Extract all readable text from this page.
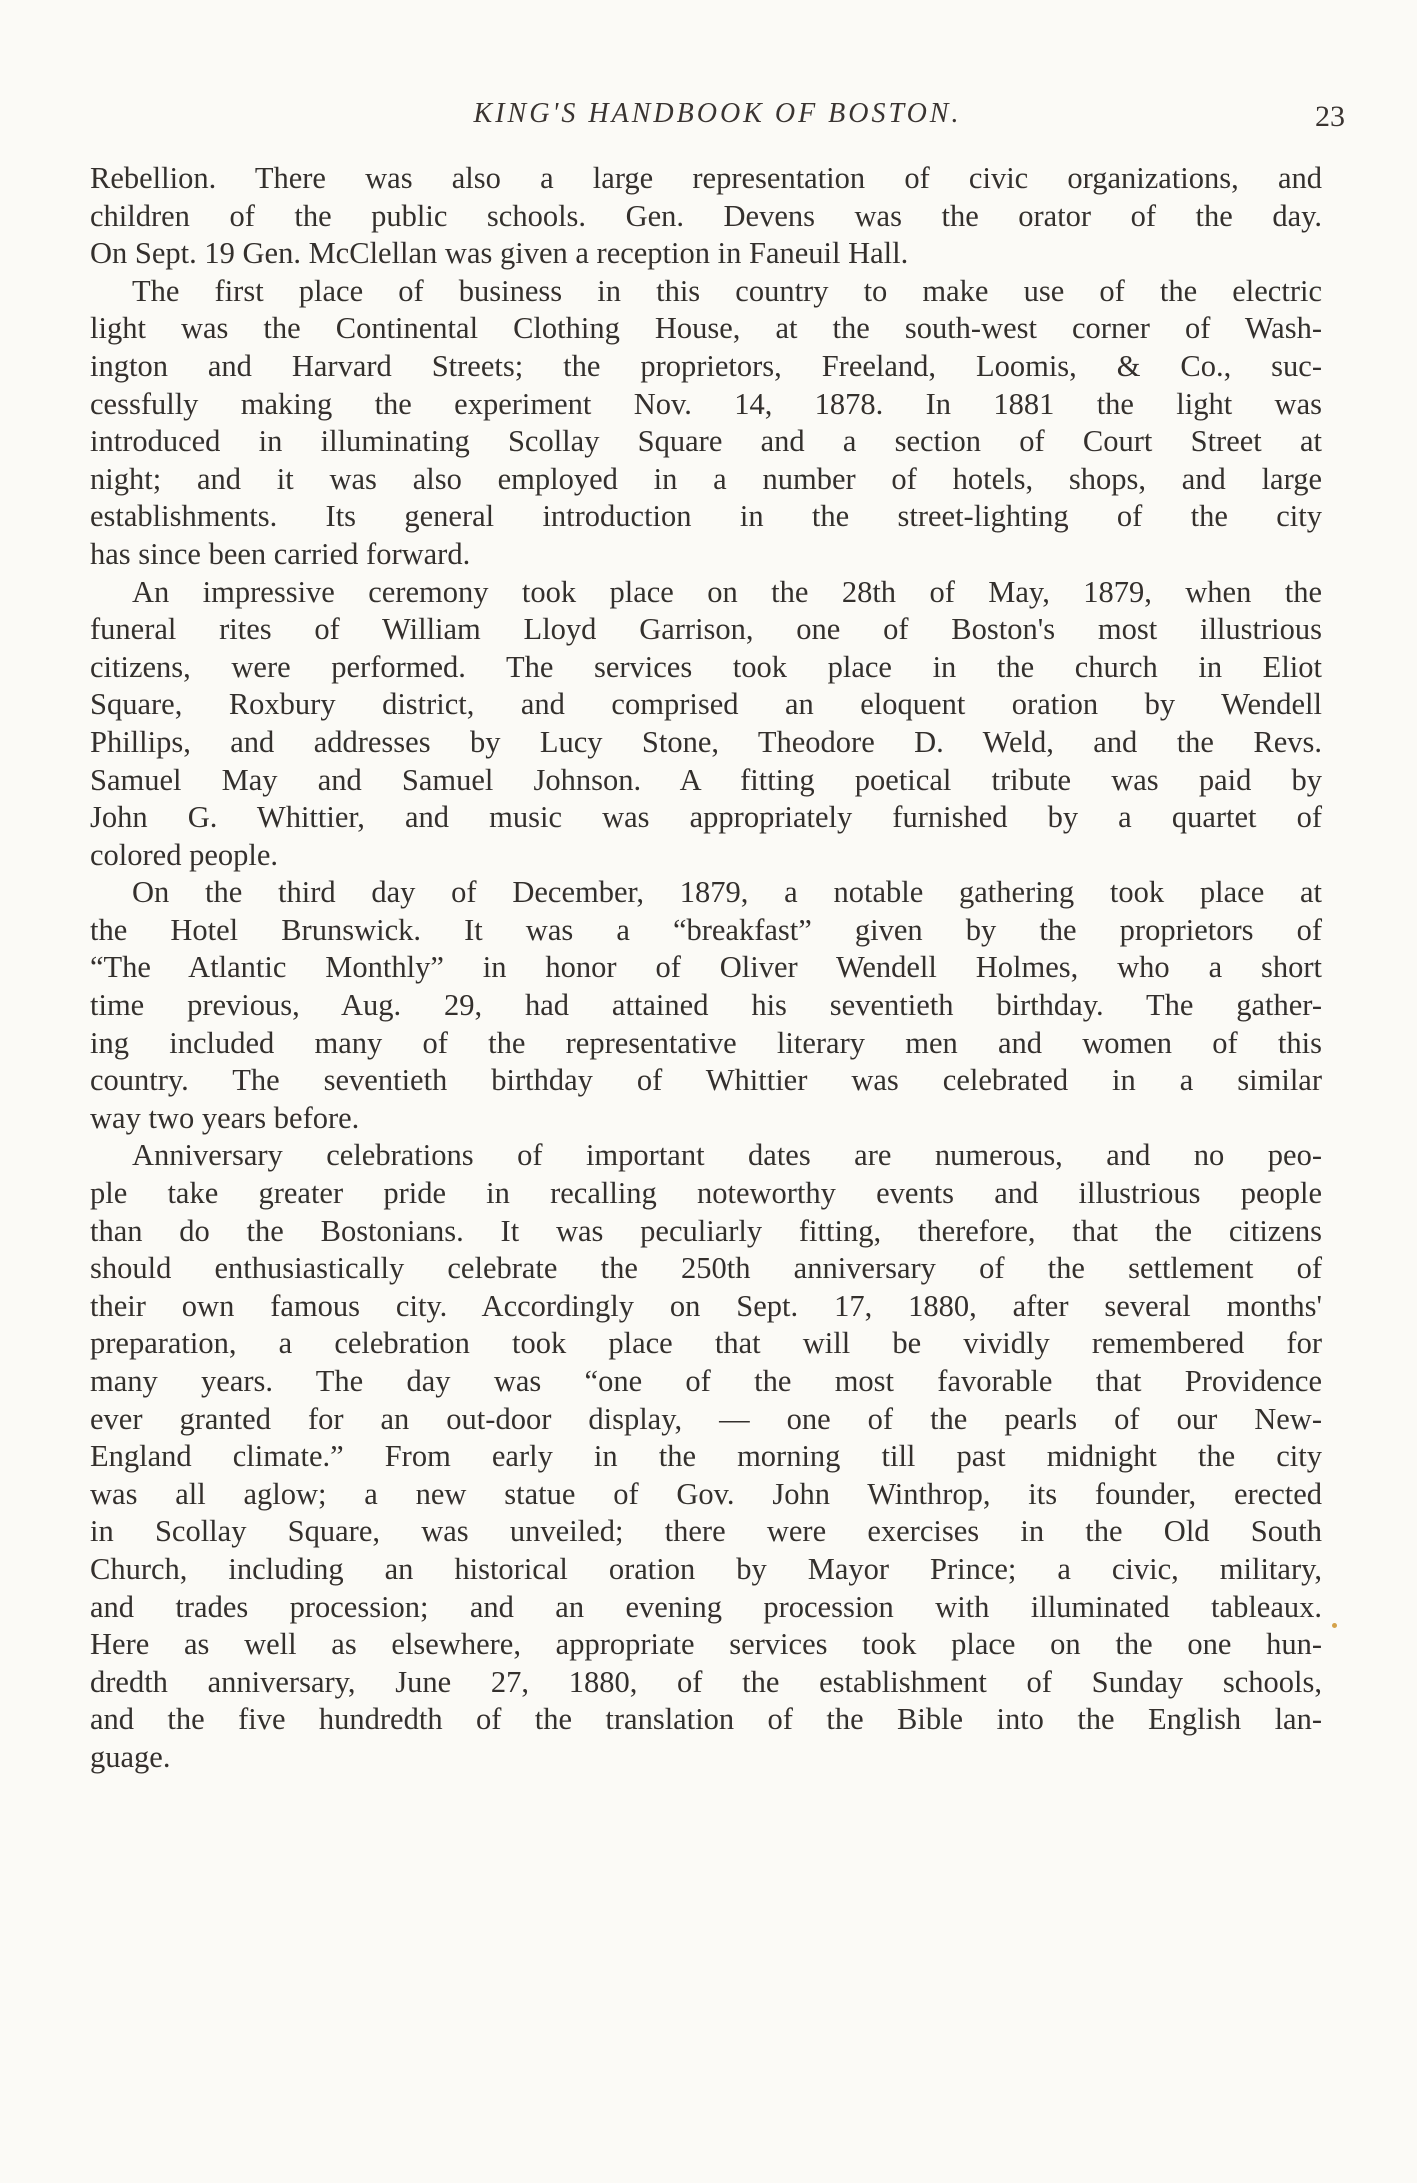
KING'S HANDBOOK OF BOSTON.	23
Rebellion. There was also a large representation of civic organizations, and
children of the public schools. Gen. Devens was the orator of the day.
On Sept. 19 Gen. McClellan was given a reception in Faneuil Hall.
The first place of business in this country to make use of the electric
light was the Continental Clothing House, at the south-west corner of Wash-
ington and Harvard Streets; the proprietors, Freeland, Loomis, & Co., suc-
cessfully making the experiment Nov. 14, 1878. In 1881 the light was
introduced in illuminating Scollay Square and a section of Court Street at
night; and it was also employed in a number of hotels, shops, and large
establishments. Its general introduction in the street-lighting of the city
has since been carried forward.
An impressive ceremony took place on the 28th of May, 1879, when the
funeral rites of William Lloyd Garrison, one of Boston's most illustrious
citizens, were performed. The services took place in the church in Eliot
Square, Roxbury district, and comprised an eloquent oration by Wendell
Phillips, and addresses by Lucy Stone, Theodore D. Weld, and the Revs.
Samuel May and Samuel Johnson. A fitting poetical tribute was paid by
John G. Whittier, and music was appropriately furnished by a quartet of
colored people.
On the third day of December, 1879, a notable gathering took place at
the Hotel Brunswick. It was a “breakfast” given by the proprietors of
“The Atlantic Monthly” in honor of Oliver Wendell Holmes, who a short
time previous, Aug. 29, had attained his seventieth birthday. The gather-
ing included many of the representative literary men and women of this
country. The seventieth birthday of Whittier was celebrated in a similar
way two years before.
Anniversary celebrations of important dates are numerous, and no peo-
ple take greater pride in recalling noteworthy events and illustrious people
than do the Bostonians. It was peculiarly fitting, therefore, that the citizens
should enthusiastically celebrate the 250th anniversary of the settlement of
their own famous city. Accordingly on Sept. 17, 1880, after several months'
preparation, a celebration took place that will be vividly remembered for
many years. The day was “one of the most favorable that Providence
ever granted for an out-door display, — one of the pearls of our New-
England climate.” From early in the morning till past midnight the city
was all aglow; a new statue of Gov. John Winthrop, its founder, erected
in Scollay Square, was unveiled; there were exercises in the Old South
Church, including an historical oration by Mayor Prince; a civic, military,
and trades procession; and an evening procession with illuminated tableaux.
Here as well as elsewhere, appropriate services took place on the one hun-
dredth anniversary, June 27, 1880, of the establishment of Sunday schools,
and the five hundredth of the translation of the Bible into the English lan-
guage.
